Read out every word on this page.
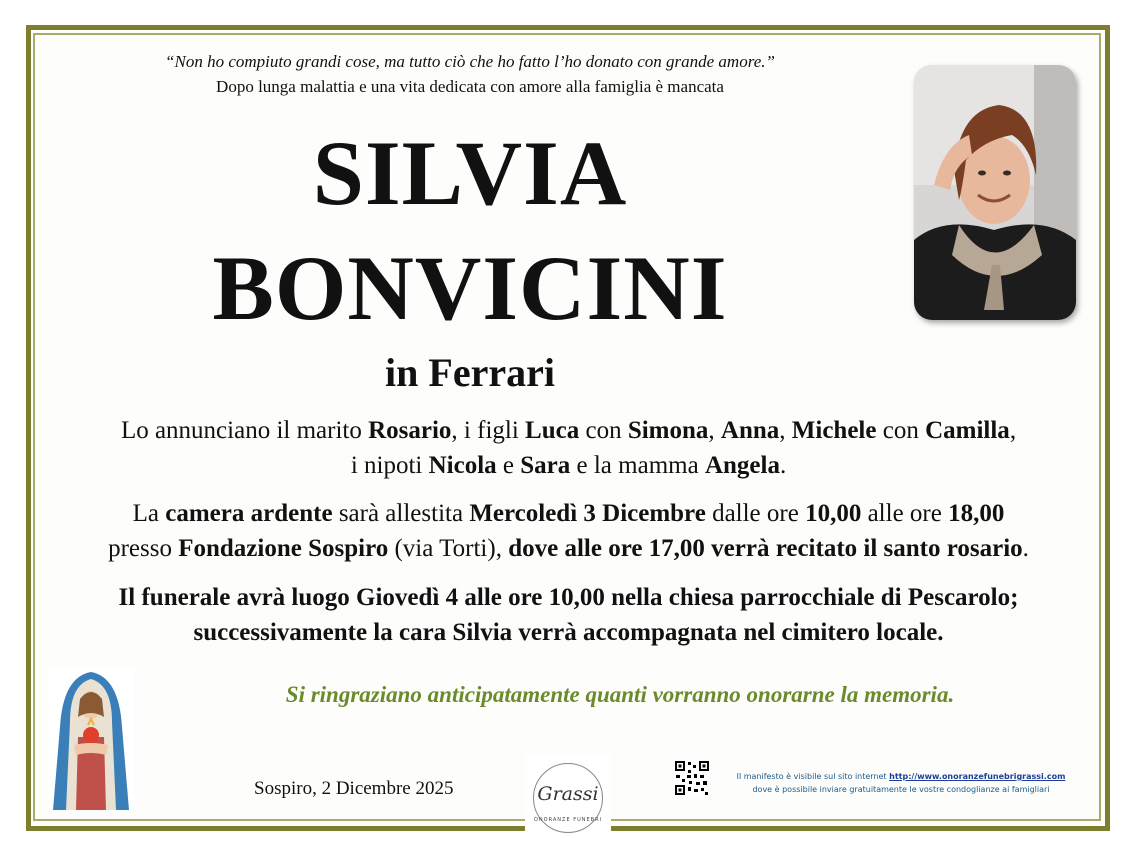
“Non ho compiuto grandi cose, ma tutto ciò che ho fatto l’ho donato con grande amore.”
Dopo lunga malattia e una vita dedicata con amore alla famiglia è mancata
SILVIA
BONVICINI
in Ferrari
Lo annunciano il marito Rosario, i figli Luca con Simona, Anna, Michele con Camilla,
i nipoti Nicola e Sara e la mamma Angela.
La camera ardente sarà allestita Mercoledì 3 Dicembre dalle ore 10,00 alle ore 18,00
presso Fondazione Sospiro (via Torti), dove alle ore 17,00 verrà recitato il santo rosario.
Il funerale avrà luogo Giovedì 4 alle ore 10,00 nella chiesa parrocchiale di Pescarolo;
successivamente la cara Silvia verrà accompagnata nel cimitero locale.
Si ringraziano anticipatamente quanti vorranno onorarne la memoria.
Sospiro, 2 Dicembre 2025	Grassi
ONORANZE FUNEBRI
Il manifesto è visibile sul sito internet http://www.onoranzefunebrigrassi.com
dove è possibile inviare gratuitamente le vostre condoglianze ai famigliari
